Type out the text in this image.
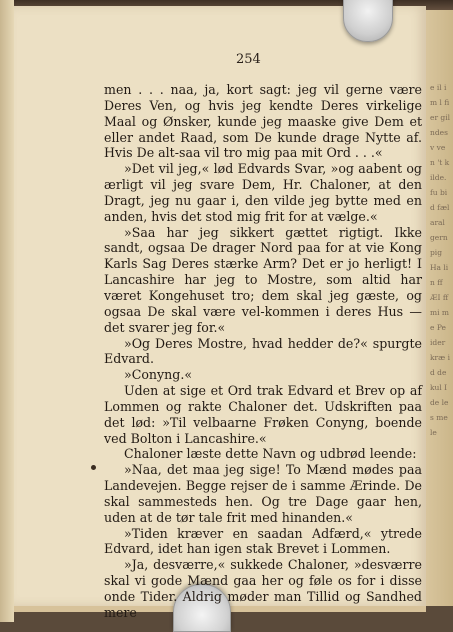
e il im l fi er gil ndes v ven 't kilde. fu bid fæl aral gern pig Ha lin ff ÆI ffmi me Pe ider kræ id de kul Ide le s me le
254

men . . . naa, ja, kort sagt: jeg vil gerne være Deres Ven, og hvis jeg kendte Deres virkelige Maal og Ønsker, kunde jeg maaske give Dem et eller andet Raad, som De kunde drage Nytte af. Hvis De alt-saa vil tro mig paa mit Ord . . .«

»Det vil jeg,« lød Edvards Svar, »og aabent og ærligt vil jeg svare Dem, Hr. Chaloner, at den Dragt, jeg nu gaar i, den vilde jeg bytte med en anden, hvis det stod mig frit for at vælge.«

»Saa har jeg sikkert gættet rigtigt. Ikke sandt, ogsaa De drager Nord paa for at vie Kong Karls Sag Deres stærke Arm? Det er jo herligt! I Lancashire har jeg to Mostre, som altid har været Kongehuset tro; dem skal jeg gæste, og ogsaa De skal være vel-kommen i deres Hus — det svarer jeg for.«

»Og Deres Mostre, hvad hedder de?« spurgte Edvard.

»Conyng.«

Uden at sige et Ord trak Edvard et Brev op af Lommen og rakte Chaloner det. Udskriften paa det lød: »Til velbaarne Frøken Conyng, boende ved Bolton i Lancashire.«

Chaloner læste dette Navn og udbrød leende:

»Naa, det maa jeg sige! To Mænd mødes paa Landevejen. Begge rejser de i samme Ærinde. De skal sammesteds hen. Og tre Dage gaar hen, uden at de tør tale frit med hinanden.«

»Tiden kræver en saadan Adfærd,« ytrede Edvard, idet han igen stak Brevet i Lommen.

»Ja, desværre,« sukkede Chaloner, »desværre skal vi gode Mænd gaa her og føle os for i disse onde Tider. Aldrig møder man Tillid og Sandhed mere
